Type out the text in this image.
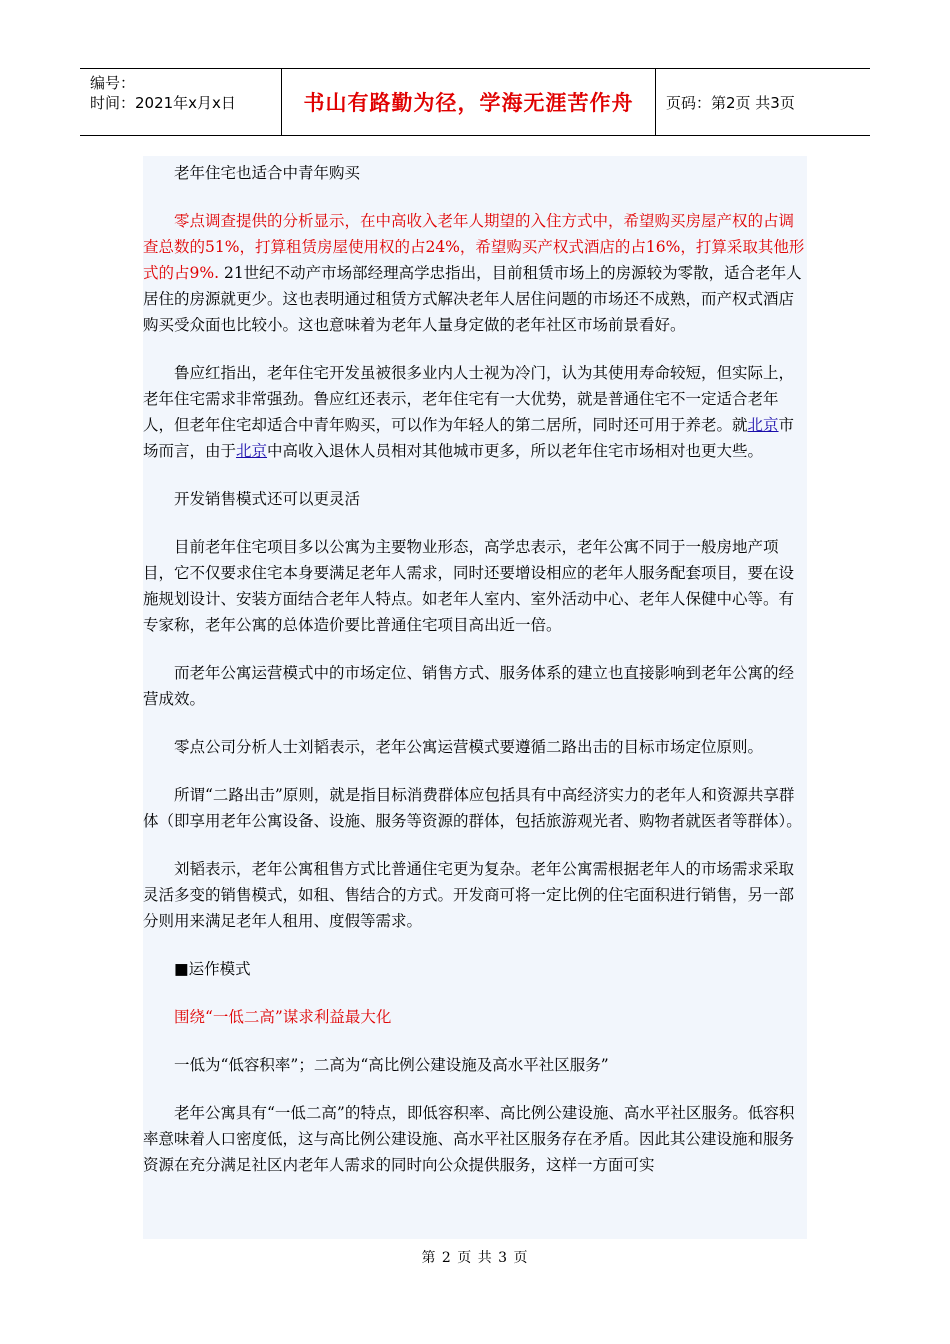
编号：
时间：2021年x月x日	书山有路勤为径，学海无涯苦作舟	页码：第2页 共3页

老年住宅也适合中青年购买

零点调查提供的分析显示，在中高收入老年人期望的入住方式中，希望购买房屋产权的占调查总数的51%，打算租赁房屋使用权的占24%，希望购买产权式酒店的占16%，打算采取其他形式的占9%. 21世纪不动产市场部经理高学忠指出，目前租赁市场上的房源较为零散，适合老年人居住的房源就更少。这也表明通过租赁方式解决老年人居住问题的市场还不成熟，而产权式酒店购买受众面也比较小。这也意味着为老年人量身定做的老年社区市场前景看好。

鲁应红指出，老年住宅开发虽被很多业内人士视为冷门，认为其使用寿命较短，但实际上，老年住宅需求非常强劲。鲁应红还表示，老年住宅有一大优势，就是普通住宅不一定适合老年人，但老年住宅却适合中青年购买，可以作为年轻人的第二居所，同时还可用于养老。就北京市场而言，由于北京中高收入退休人员相对其他城市更多，所以老年住宅市场相对也更大些。

开发销售模式还可以更灵活

目前老年住宅项目多以公寓为主要物业形态，高学忠表示，老年公寓不同于一般房地产项目，它不仅要求住宅本身要满足老年人需求，同时还要增设相应的老年人服务配套项目，要在设施规划设计、安装方面结合老年人特点。如老年人室内、室外活动中心、老年人保健中心等。有专家称，老年公寓的总体造价要比普通住宅项目高出近一倍。

而老年公寓运营模式中的市场定位、销售方式、服务体系的建立也直接影响到老年公寓的经营成效。

零点公司分析人士刘韬表示，老年公寓运营模式要遵循二路出击的目标市场定位原则。

所谓“二路出击”原则，就是指目标消费群体应包括具有中高经济实力的老年人和资源共享群体（即享用老年公寓设备、设施、服务等资源的群体，包括旅游观光者、购物者就医者等群体）。

刘韬表示，老年公寓租售方式比普通住宅更为复杂。老年公寓需根据老年人的市场需求采取灵活多变的销售模式，如租、售结合的方式。开发商可将一定比例的住宅面积进行销售，另一部分则用来满足老年人租用、度假等需求。

■运作模式

围绕“一低二高”谋求利益最大化

一低为“低容积率”；二高为“高比例公建设施及高水平社区服务”

老年公寓具有“一低二高”的特点，即低容积率、高比例公建设施、高水平社区服务。低容积率意味着人口密度低，这与高比例公建设施、高水平社区服务存在矛盾。因此其公建设施和服务资源在充分满足社区内老年人需求的同时向公众提供服务，这样一方面可实

第 2 页 共 3 页
